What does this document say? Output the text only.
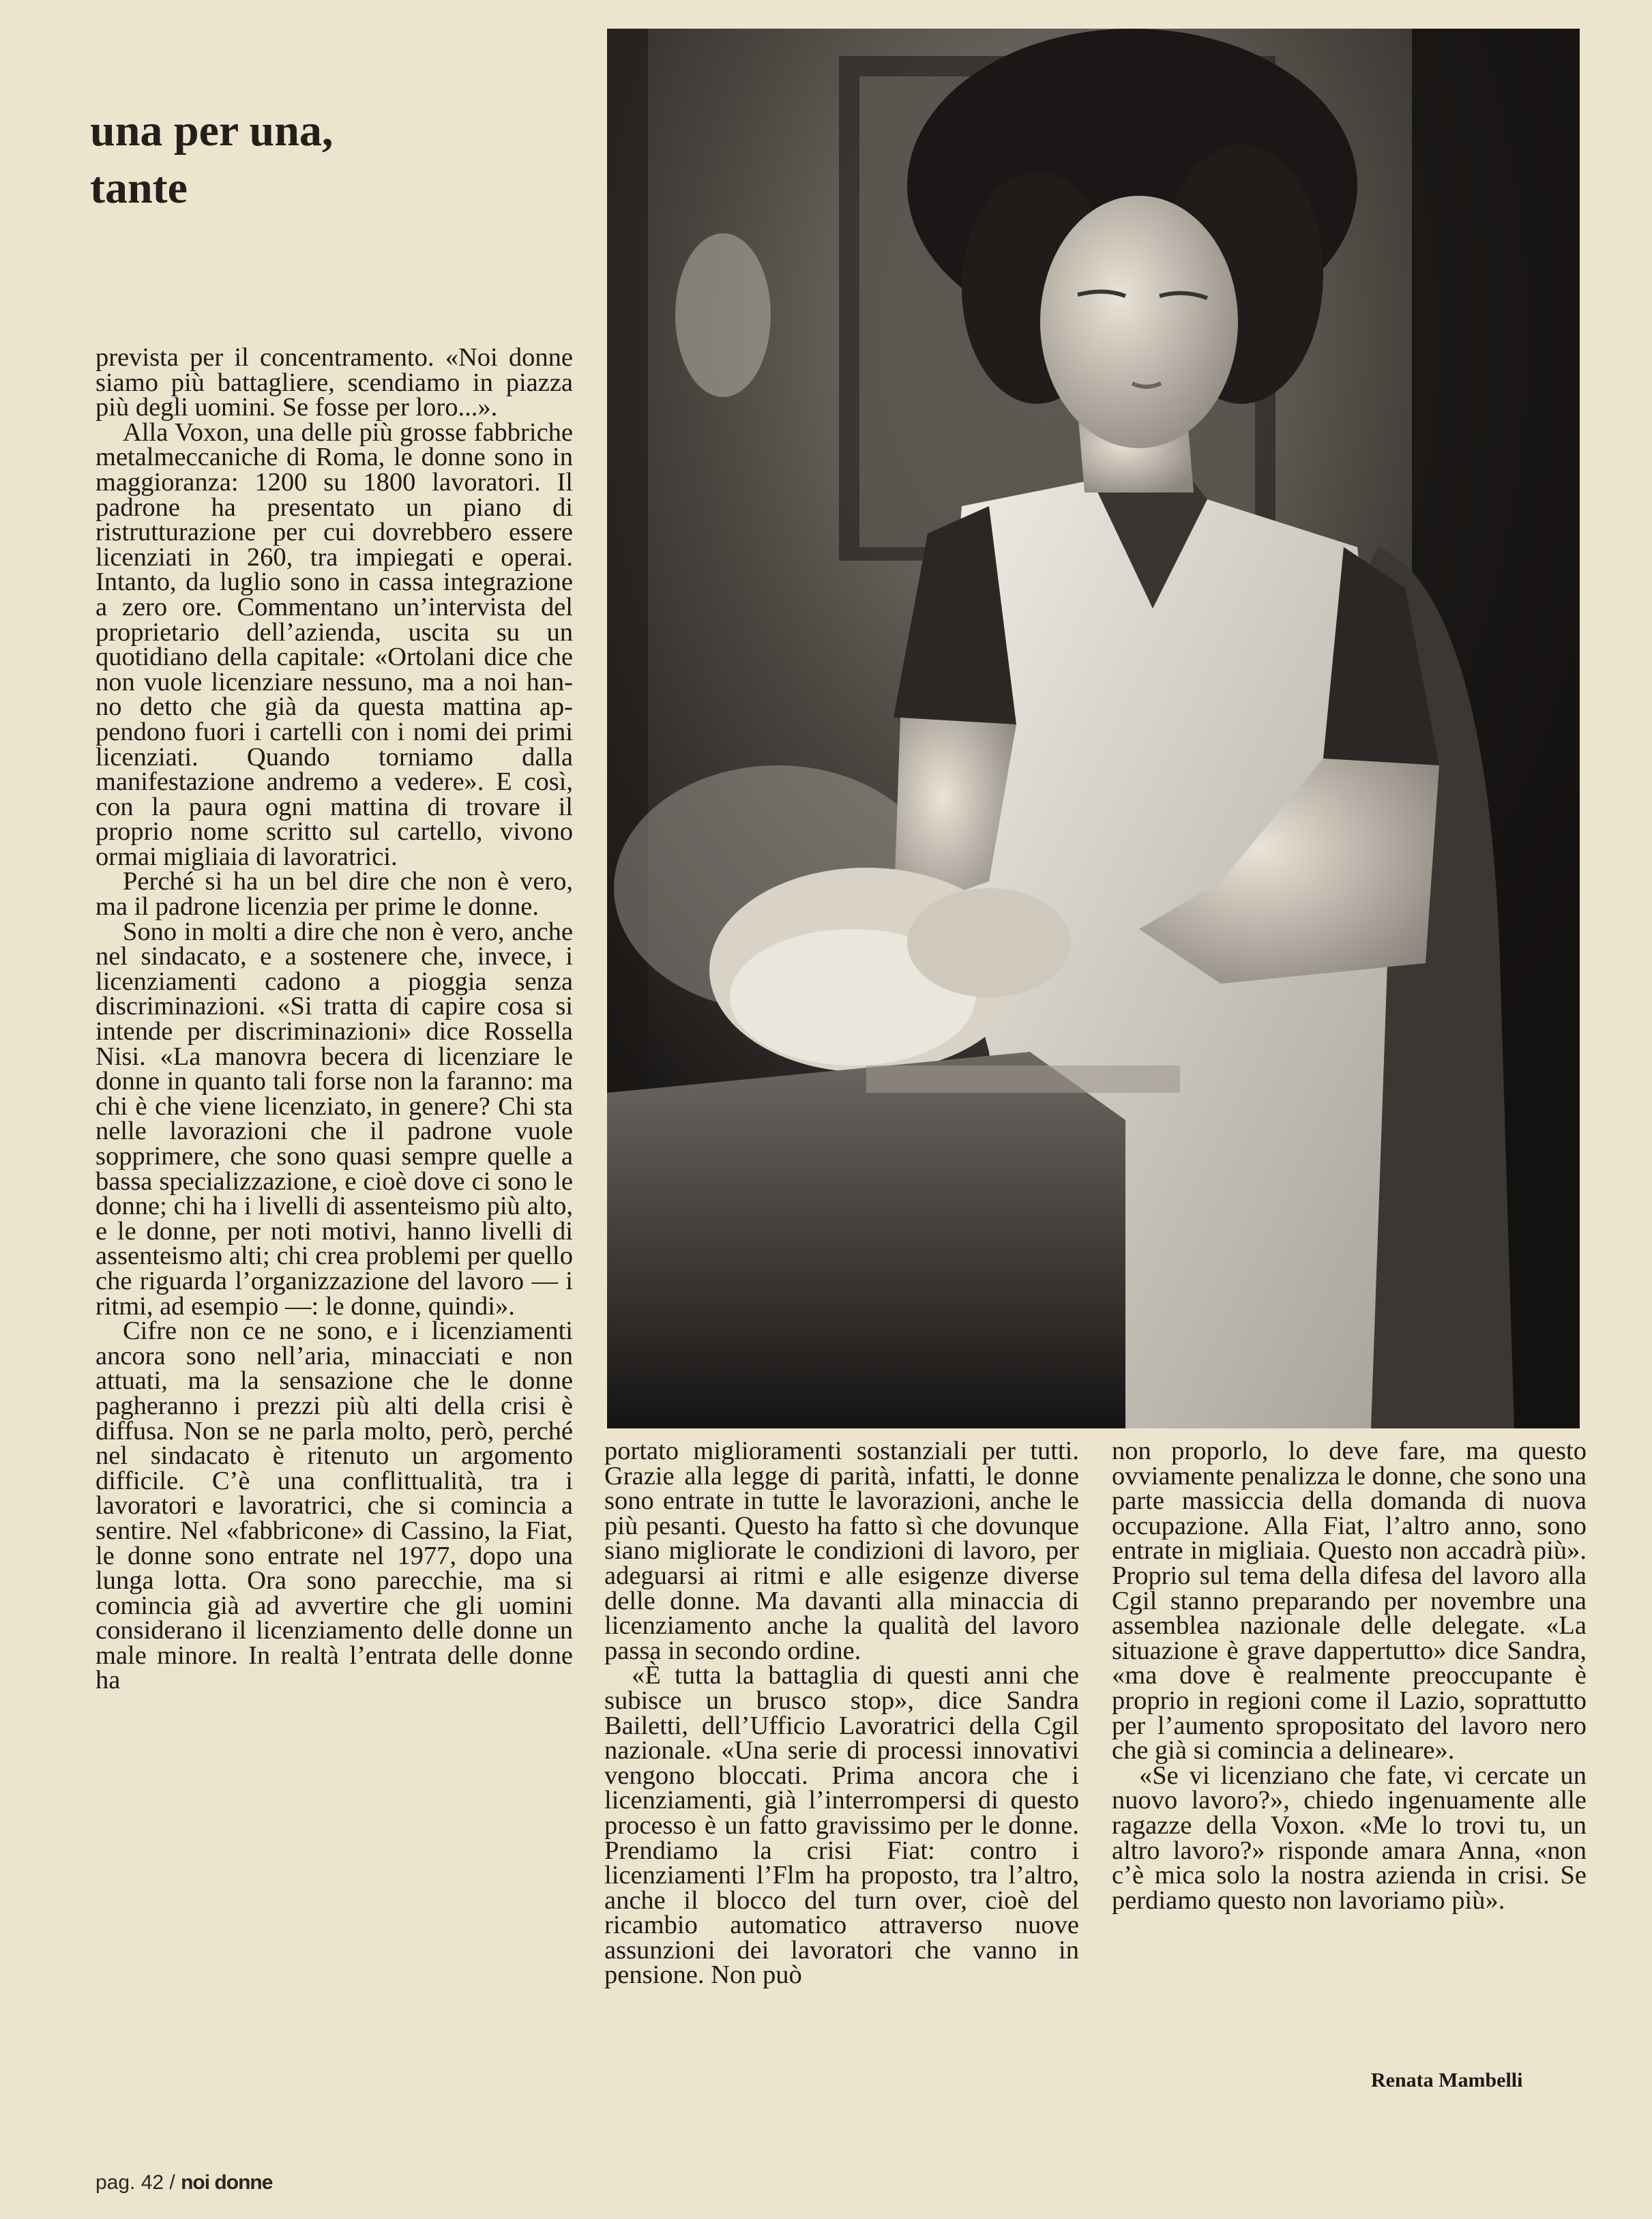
una per una,
tante

prevista per il concentramento. «Noi donne siamo più battagliere, scendiamo in piazza più degli uomini. Se fosse per loro...».

Alla Voxon, una delle più grosse fabbriche metalmeccaniche di Roma, le donne sono in maggioranza: 1200 su 1800 lavoratori. Il padrone ha presentato un piano di ristrutturazione per cui dovrebbero essere licenziati in 260, tra impiegati e operai. Intanto, da luglio sono in cassa integrazione a zero ore. Commentano un’intervista del proprietario dell’azienda, uscita su un quotidiano della capitale: «Ortolani dice che non vuole licenziare nessuno, ma a noi hanno detto che già da questa mattina appendono fuori i cartelli con i nomi dei primi licenziati. Quando torniamo dalla manifestazione andremo a vedere». E così, con la paura ogni mattina di trovare il proprio nome scritto sul cartello, vivono ormai migliaia di lavoratrici.

Perché si ha un bel dire che non è vero, ma il padrone licenzia per prime le donne.

Sono in molti a dire che non è vero, anche nel sindacato, e a sostenere che, invece, i licenziamenti cadono a pioggia senza discriminazioni. «Si tratta di capire cosa si intende per discriminazioni» dice Rossella Nisi. «La manovra becera di licenziare le donne in quanto tali forse non la faranno: ma chi è che viene licenziato, in genere? Chi sta nelle lavorazioni che il padrone vuole sopprimere, che sono quasi sempre quelle a bassa specializzazione, e cioè dove ci sono le donne; chi ha i livelli di assenteismo più alto, e le donne, per noti motivi, hanno livelli di assenteismo alti; chi crea problemi per quello che riguarda l’organizzazione del lavoro — i ritmi, ad esempio —: le donne, quindi».

Cifre non ce ne sono, e i licenziamenti ancora sono nell’aria, minacciati e non attuati, ma la sensazione che le donne pagheranno i prezzi più alti della crisi è diffusa. Non se ne parla molto, però, perché nel sindacato è ritenuto un argomento difficile. C’è una conflittualità, tra i lavoratori e lavoratrici, che si comincia a sentire. Nel «fabbricone» di Cassino, la Fiat, le donne sono entrate nel 1977, dopo una lunga lotta. Ora sono parecchie, ma si comincia già ad avvertire che gli uomini considerano il licenziamento delle donne un male minore. In realtà l’entrata delle donne ha

portato miglioramenti sostanziali per tutti. Grazie alla legge di parità, infatti, le donne sono entrate in tutte le lavorazioni, anche le più pesanti. Questo ha fatto sì che dovunque siano migliorate le condizioni di lavoro, per adeguarsi ai ritmi e alle esigenze diverse delle donne. Ma davanti alla minaccia di licenziamento anche la qualità del lavoro passa in secondo ordine.

«È tutta la battaglia di questi anni che subisce un brusco stop», dice Sandra Bailetti, dell’Ufficio Lavoratrici della Cgil nazionale. «Una serie di processi innovativi vengono bloccati. Prima ancora che i licenziamenti, già l’interrompersi di questo processo è un fatto gravissimo per le donne. Prendiamo la crisi Fiat: contro i licenziamenti l’Flm ha proposto, tra l’altro, anche il blocco del turn over, cioè del ricambio automatico attraverso nuove assunzioni dei lavoratori che vanno in pensione. Non può

non proporlo, lo deve fare, ma questo ovviamente penalizza le donne, che sono una parte massiccia della domanda di nuova occupazione. Alla Fiat, l’altro anno, sono entrate in migliaia. Questo non accadrà più». Proprio sul tema della difesa del lavoro alla Cgil stanno preparando per novembre una assemblea nazionale delle delegate. «La situazione è grave dappertutto» dice Sandra, «ma dove è realmente preoccupante è proprio in regioni come il Lazio, soprattutto per l’aumento spropositato del lavoro nero che già si comincia a delineare».

«Se vi licenziano che fate, vi cercate un nuovo lavoro?», chiedo ingenuamente alle ragazze della Voxon. «Me lo trovi tu, un altro lavoro?» risponde amara Anna, «non c’è mica solo la nostra azienda in crisi. Se perdiamo questo non lavoriamo più».

Renata Mambelli
pag. 42 / noi donne
